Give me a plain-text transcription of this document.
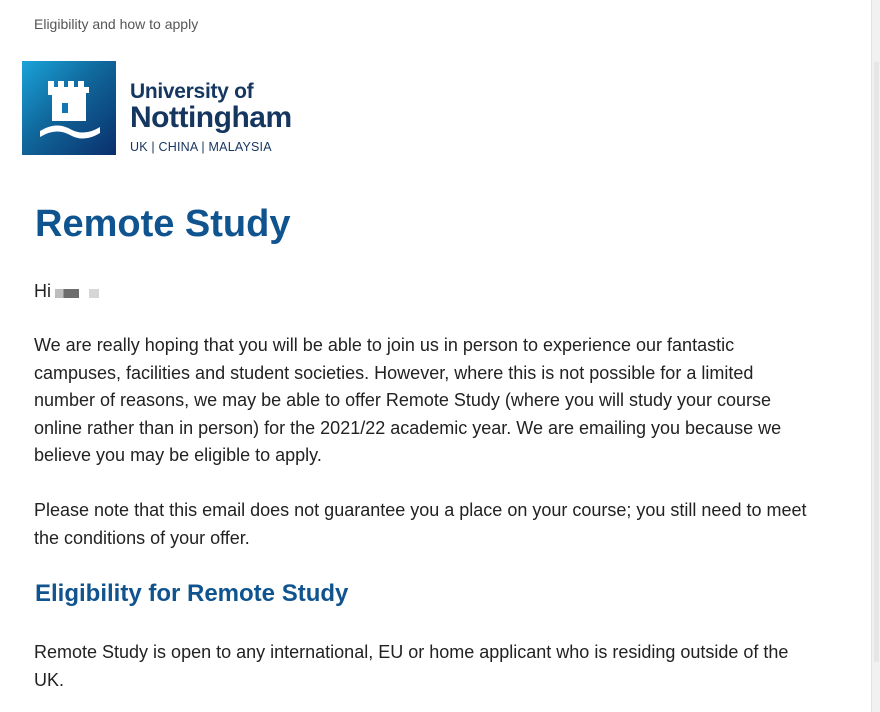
Eligibility and how to apply
University of
Nottingham
UK | CHINA | MALAYSIA
Remote Study
Hi

We are really hoping that you will be able to join us in person to experience our fantastic campuses, facilities and student societies. However, where this is not possible for a limited number of reasons, we may be able to offer Remote Study (where you will study your course online rather than in person) for the 2021/22 academic year. We are emailing you because we believe you may be eligible to apply.

Please note that this email does not guarantee you a place on your course; you still need to meet the conditions of your offer.

Eligibility for Remote Study

Remote Study is open to any international, EU or home applicant who is residing outside of the UK.
